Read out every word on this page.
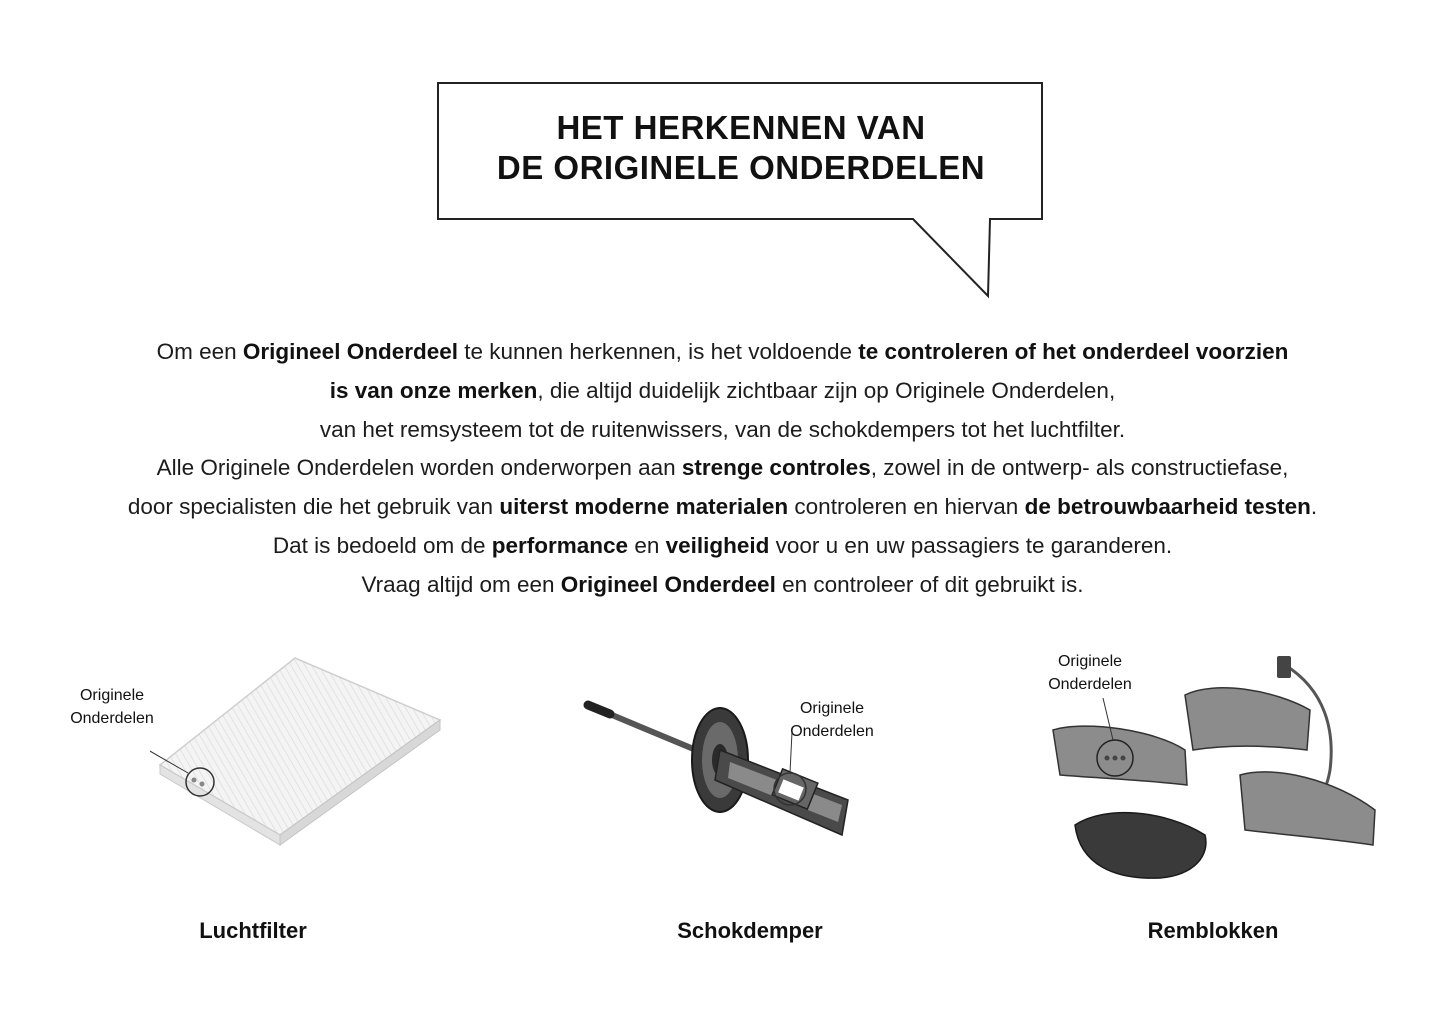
HET HERKENNEN VAN
DE ORIGINELE ONDERDELEN
Om een Origineel Onderdeel te kunnen herkennen, is het voldoende te controleren of het onderdeel voorzien
is van onze merken, die altijd duidelijk zichtbaar zijn op Originele Onderdelen,
van het remsysteem tot de ruitenwissers, van de schokdempers tot het luchtfilter.
Alle Originele Onderdelen worden onderworpen aan strenge controles, zowel in de ontwerp- als constructiefase,
door specialisten die het gebruik van uiterst moderne materialen controleren en hiervan de betrouwbaarheid testen.
Dat is bedoeld om de performance en veiligheid voor u en uw passagiers te garanderen.
Vraag altijd om een Origineel Onderdeel en controleer of dit gebruikt is.
Originele
Onderdelen
Luchtfilter
Originele
Onderdelen
Schokdemper
Originele
Onderdelen
Remblokken
